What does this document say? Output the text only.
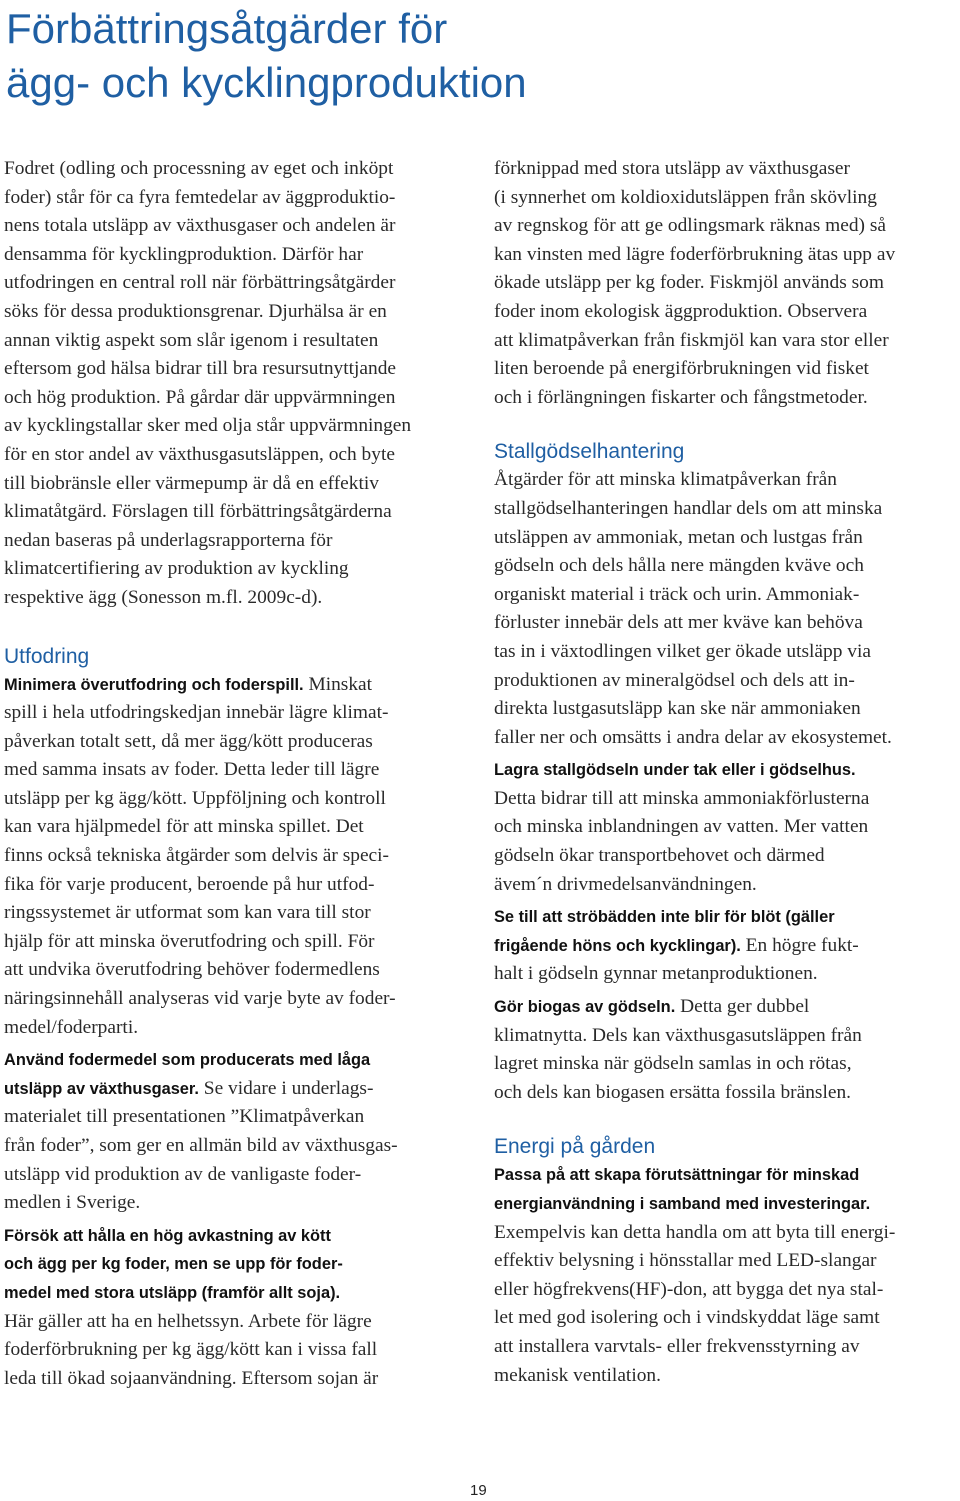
Förbättringsåtgärder för
ägg- och kycklingproduktion

Fodret (odling och processning av eget och inköpt
foder) står för ca fyra femtedelar av äggproduktio-
nens totala utsläpp av växthusgaser och andelen är
densamma för kycklingproduktion. Därför har
utfodringen en central roll när förbättringsåtgärder
söks för dessa produktionsgrenar. Djurhälsa är en
annan viktig aspekt som slår igenom i resultaten
eftersom god hälsa bidrar till bra resursutnyttjande
och hög produktion. På gårdar där uppvärmningen
av kycklingstallar sker med olja står uppvärmningen
för en stor andel av växthusgasutsläppen, och byte
till biobränsle eller värmepump är då en effektiv
klimatåtgärd. Förslagen till förbättringsåtgärderna
nedan baseras på underlagsrapporterna för
klimatcertifiering av produktion av kyckling
respektive ägg (Sonesson m.fl. 2009c-d).

Utfodring

Minimera överutfodring och foderspill. Minskat
spill i hela utfodringskedjan innebär lägre klimat-
påverkan totalt sett, då mer ägg/kött produceras
med samma insats av foder. Detta leder till lägre
utsläpp per kg ägg/kött. Uppföljning och kontroll
kan vara hjälpmedel för att minska spillet. Det
finns också tekniska åtgärder som delvis är speci-
fika för varje producent, beroende på hur utfod-
ringssystemet är utformat som kan vara till stor
hjälp för att minska överutfodring och spill. För
att undvika överutfodring behöver fodermedlens
näringsinnehåll analyseras vid varje byte av foder-
medel/foderparti.

Använd fodermedel som producerats med låga
utsläpp av växthusgaser. Se vidare i underlags-
materialet till presentationen ”Klimatpåverkan
från foder”, som ger en allmän bild av växthusgas-
utsläpp vid produktion av de vanligaste foder-
medlen i Sverige.

Försök att hålla en hög avkastning av kött
och ägg per kg foder, men se upp för foder-
medel med stora utsläpp (framför allt soja).
Här gäller att ha en helhetssyn. Arbete för lägre
foderförbrukning per kg ägg/kött kan i vissa fall
leda till ökad sojaanvändning. Eftersom sojan är

förknippad med stora utsläpp av växthusgaser
(i synnerhet om koldioxidutsläppen från skövling
av regnskog för att ge odlingsmark räknas med) så
kan vinsten med lägre foderförbrukning ätas upp av
ökade utsläpp per kg foder. Fiskmjöl används som
foder inom ekologisk äggproduktion. Observera
att klimatpåverkan från fiskmjöl kan vara stor eller
liten beroende på energiförbrukningen vid fisket
och i förlängningen fiskarter och fångstmetoder.

Stallgödselhantering

Åtgärder för att minska klimatpåverkan från
stallgödselhanteringen handlar dels om att minska
utsläppen av ammoniak, metan och lustgas från
gödseln och dels hålla nere mängden kväve och
organiskt material i träck och urin. Ammoniak-
förluster innebär dels att mer kväve kan behöva
tas in i växtodlingen vilket ger ökade utsläpp via
produktionen av mineralgödsel och dels att in-
direkta lustgasutsläpp kan ske när ammoniaken
faller ner och omsätts i andra delar av ekosystemet.

Lagra stallgödseln under tak eller i gödselhus.
Detta bidrar till att minska ammoniakförlusterna
och minska inblandningen av vatten. Mer vatten
gödseln ökar transportbehovet och därmed
ävem´n drivmedelsanvändningen.

Se till att ströbädden inte blir för blöt (gäller
frigående höns och kycklingar). En högre fukt-
halt i gödseln gynnar metanproduktionen.

Gör biogas av gödseln. Detta ger dubbel
klimatnytta. Dels kan växthusgasutsläppen från
lagret minska när gödseln samlas in och rötas,
och dels kan biogasen ersätta fossila bränslen.

Energi på gården

Passa på att skapa förutsättningar för minskad
energianvändning i samband med investeringar.
Exempelvis kan detta handla om att byta till energi-
effektiv belysning i hönsstallar med LED-slangar
eller högfrekvens(HF)-don, att bygga det nya stal-
let med god isolering och i vindskyddat läge samt
att installera varvtals- eller frekvensstyrning av
mekanisk ventilation.

19
